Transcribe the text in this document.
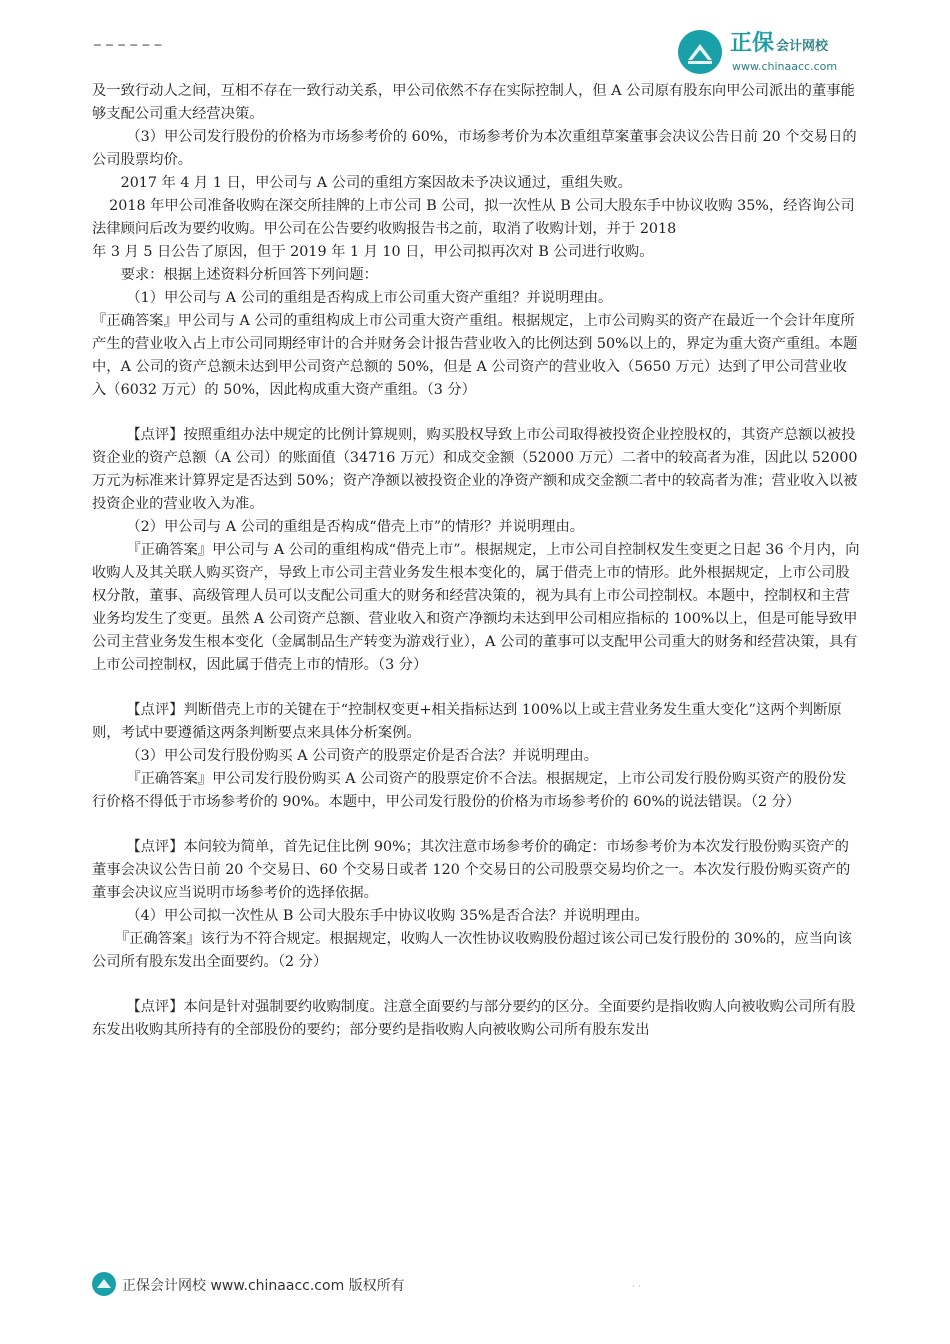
━ ━ ━ ━ ━ ━	正保 会计网校
www.chinaacc.com

及一致行动人之间，互相不存在一致行动关系，甲公司依然不存在实际控制人，但 A 公司原有股东向甲公司派出的董事能够支配公司重大经营决策。

（3）甲公司发行股份的价格为市场参考价的 60%，市场参考价为本次重组草案董事会决议公告日前 20 个交易日的公司股票均价。

2017 年 4 月 1 日，甲公司与 A 公司的重组方案因故未予决议通过，重组失败。

2018 年甲公司准备收购在深交所挂牌的上市公司 B 公司，拟一次性从 B 公司大股东手中协议收购 35%，经咨询公司法律顾问后改为要约收购。甲公司在公告要约收购报告书之前，取消了收购计划，并于 2018

年 3 月 5 日公告了原因，但于 2019 年 1 月 10 日，甲公司拟再次对 B 公司进行收购。

要求：根据上述资料分析回答下列问题：

（1）甲公司与 A 公司的重组是否构成上市公司重大资产重组？并说明理由。

『正确答案』甲公司与 A 公司的重组构成上市公司重大资产重组。根据规定，上市公司购买的资产在最近一个会计年度所产生的营业收入占上市公司同期经审计的合并财务会计报告营业收入的比例达到 50%以上的，界定为重大资产重组。本题中，A 公司的资产总额未达到甲公司资产总额的 50%，但是 A 公司资产的营业收入（5650 万元）达到了甲公司营业收入（6032 万元）的 50%，因此构成重大资产重组。（3 分）

【点评】按照重组办法中规定的比例计算规则，购买股权导致上市公司取得被投资企业控股权的，其资产总额以被投资企业的资产总额（A 公司）的账面值（34716 万元）和成交金额（52000 万元）二者中的较高者为准，因此以 52000 万元为标准来计算界定是否达到 50%；资产净额以被投资企业的净资产额和成交金额二者中的较高者为准；营业收入以被投资企业的营业收入为准。

（2）甲公司与 A 公司的重组是否构成“借壳上市”的情形？并说明理由。

『正确答案』甲公司与 A 公司的重组构成“借壳上市”。根据规定，上市公司自控制权发生变更之日起 36 个月内，向收购人及其关联人购买资产，导致上市公司主营业务发生根本变化的，属于借壳上市的情形。此外根据规定，上市公司股权分散，董事、高级管理人员可以支配公司重大的财务和经营决策的，视为具有上市公司控制权。本题中，控制权和主营业务均发生了变更。虽然 A 公司资产总额、营业收入和资产净额均未达到甲公司相应指标的 100%以上，但是可能导致甲公司主营业务发生根本变化（金属制品生产转变为游戏行业），A 公司的董事可以支配甲公司重大的财务和经营决策，具有上市公司控制权，因此属于借壳上市的情形。（3 分）

【点评】判断借壳上市的关键在于“控制权变更+相关指标达到 100%以上或主营业务发生重大变化”这两个判断原则，考试中要遵循这两条判断要点来具体分析案例。

（3）甲公司发行股份购买 A 公司资产的股票定价是否合法？并说明理由。

『正确答案』甲公司发行股份购买 A 公司资产的股票定价不合法。根据规定，上市公司发行股份购买资产的股份发行价格不得低于市场参考价的 90%。本题中，甲公司发行股份的价格为市场参考价的 60%的说法错误。（2 分）

【点评】本问较为简单，首先记住比例 90%；其次注意市场参考价的确定：市场参考价为本次发行股份购买资产的董事会决议公告日前 20 个交易日、60 个交易日或者 120 个交易日的公司股票交易均价之一。本次发行股份购买资产的董事会决议应当说明市场参考价的选择依据。

（4）甲公司拟一次性从 B 公司大股东手中协议收购 35%是否合法？并说明理由。

『正确答案』该行为不符合规定。根据规定，收购人一次性协议收购股份超过该公司已发行股份的 30%的，应当向该公司所有股东发出全面要约。（2 分）

【点评】本问是针对强制要约收购制度。注意全面要约与部分要约的区分。全面要约是指收购人向被收购公司所有股东发出收购其所持有的全部股份的要约；部分要约是指收购人向被收购公司所有股东发出

正保会计网校 www.chinaacc.com 版权所有	· ·
